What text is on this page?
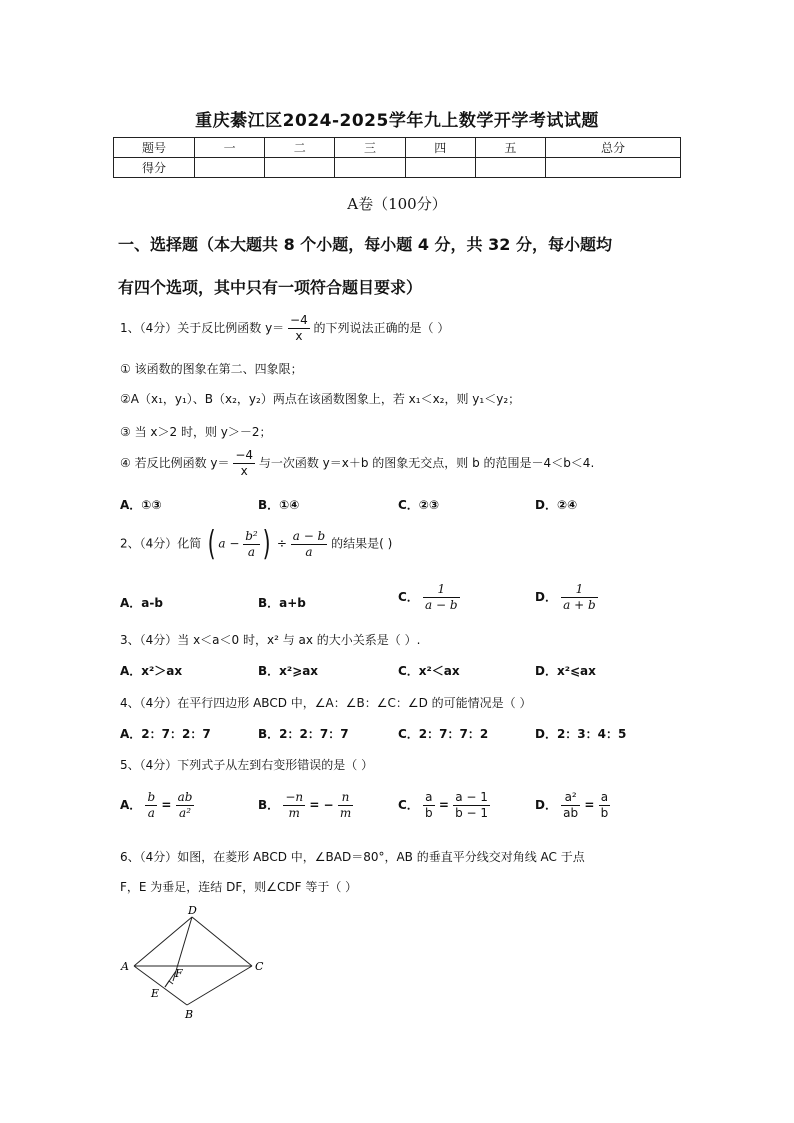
重庆綦江区2024-2025学年九上数学开学考试试题
题号	一	二	三	四	五	总分
得分						
A卷（100分）
一、选择题（本大题共 8 个小题，每小题 4 分，共 32 分，每小题均
有四个选项，其中只有一项符合题目要求）
1、（4分）关于反比例函数 $y= \frac{-4}{x}$ 的下列说法正确的是（ ）
① 该函数的图象在第二、四象限；
②A（x₁，y₁）、B（x₂，y₂）两点在该函数图象上，若 x₁＜x₂，则 y₁＜y₂；
③ 当 x＞2 时，则 y＞－2；
④ 若反比例函数 $y= \frac{-4}{x}$ 与一次函数 y＝x＋b 的图象无交点，则 b 的范围是－4＜b＜4.
A．①③	B．①④	C．②③	D．②④
2、（4分）化简 ( $a - \frac{\text{b²}}{a}$ ) ÷ $\frac{a - b}{a}$ 的结果是( )
A．a-b	B．a+b	C． $\frac{1}{a - b}$	D． $\frac{1}{a + b}$
3、（4分）当 x＜a＜0 时，x² 与 ax 的大小关系是（ ）.
A．x²＞ax	B．x²⩾ax	C．x²＜ax	D．x²⩽ax
4、（4分）在平行四边形 ABCD 中，∠A：∠B：∠C：∠D 的可能情况是（ ）
A．2：7：2：7	B．2：2：7：7	C．2：7：7：2	D．2：3：4：5
5、（4分）下列式子从左到右变形错误的是（ ）
A． $\frac{b}{a} = \frac{ab}{\text{a²}}$	B． $\frac{-n}{m}$ = − $\frac{n}{m}$	C． $\frac{a}{b} = \frac{a - 1}{b - 1}$	D． $\frac{\text{a²}}{ab} = \frac{a}{b}$
6、（4分）如图，在菱形 ABCD 中，∠BAD＝80°，AB 的垂直平分线交对角线 AC 于点
F，E 为垂足，连结 DF，则∠CDF 等于（ ）
A
D
C
B
E
F
